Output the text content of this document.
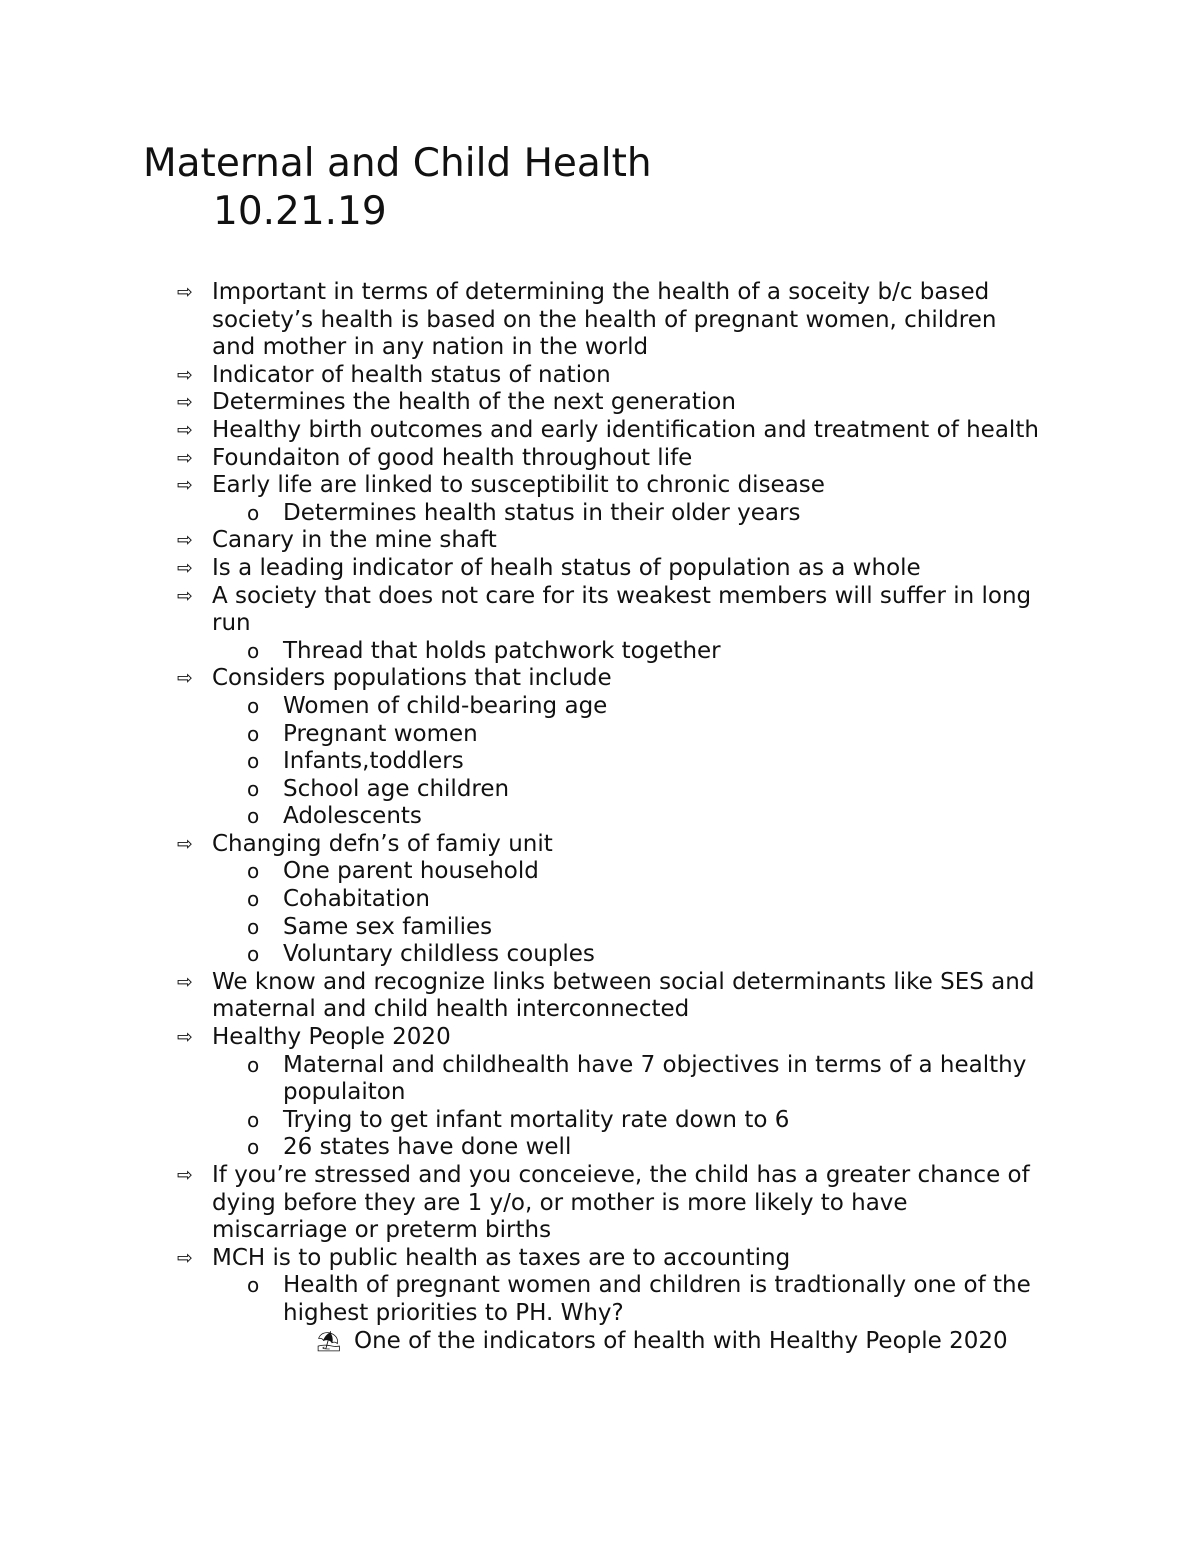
Maternal and Child Health
10.21.19
⇨ Important in terms of determining the health of a soceity b/c based
society’s health is based on the health of pregnant women, children
and mother in any nation in the world
⇨ Indicator of health status of nation
⇨ Determines the health of the next generation
⇨ Healthy birth outcomes and early identification and treatment of health
⇨ Foundaiton of good health throughout life
⇨ Early life are linked to susceptibilit to chronic disease
o Determines health status in their older years
⇨ Canary in the mine shaft
⇨ Is a leading indicator of healh status of population as a whole
⇨ A society that does not care for its weakest members will suffer in long
run
o Thread that holds patchwork together
⇨ Considers populations that include
o Women of child-bearing age
o Pregnant women
o Infants,toddlers
o School age children
o Adolescents
⇨ Changing defn’s of famiy unit
o One parent household
o Cohabitation
o Same sex families
o Voluntary childless couples
⇨ We know and recognize links between social determinants like SES and
maternal and child health interconnected
⇨ Healthy People 2020
o Maternal and childhealth have 7 objectives in terms of a healthy
populaiton
o Trying to get infant mortality rate down to 6
o 26 states have done well
⇨ If you’re stressed and you conceieve, the child has a greater chance of
dying before they are 1 y/o, or mother is more likely to have
miscarriage or preterm births
⇨ MCH is to public health as taxes are to accounting
o Health of pregnant women and children is tradtionally one of the
highest priorities to PH. Why?
⛱ One of the indicators of health with Healthy People 2020
